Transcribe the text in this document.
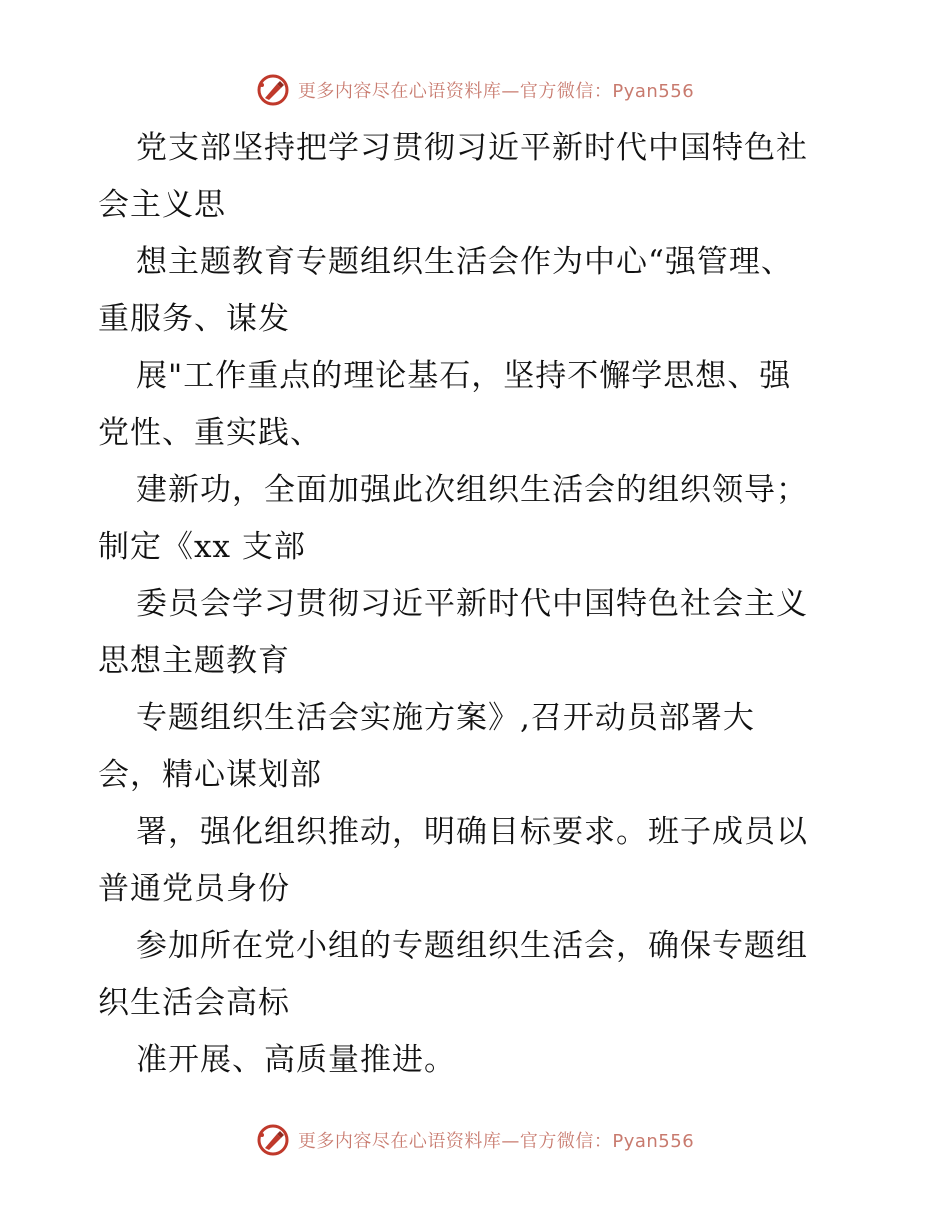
更多内容尽在心语资料库—官方微信：Pyan556
党支部坚持把学习贯彻习近平新时代中国特色社
会主义思
想主题教育专题组织生活会作为中心“强管理、
重服务、谋发
展"工作重点的理论基石，坚持不懈学思想、强
党性、重实践、
建新功，全面加强此次组织生活会的组织领导；
制定《xx 支部
委员会学习贯彻习近平新时代中国特色社会主义
思想主题教育
专题组织生活会实施方案》,召开动员部署大
会，精心谋划部
署，强化组织推动，明确目标要求。班子成员以
普通党员身份
参加所在党小组的专题组织生活会，确保专题组
织生活会高标
准开展、高质量推进。
更多内容尽在心语资料库—官方微信：Pyan556
